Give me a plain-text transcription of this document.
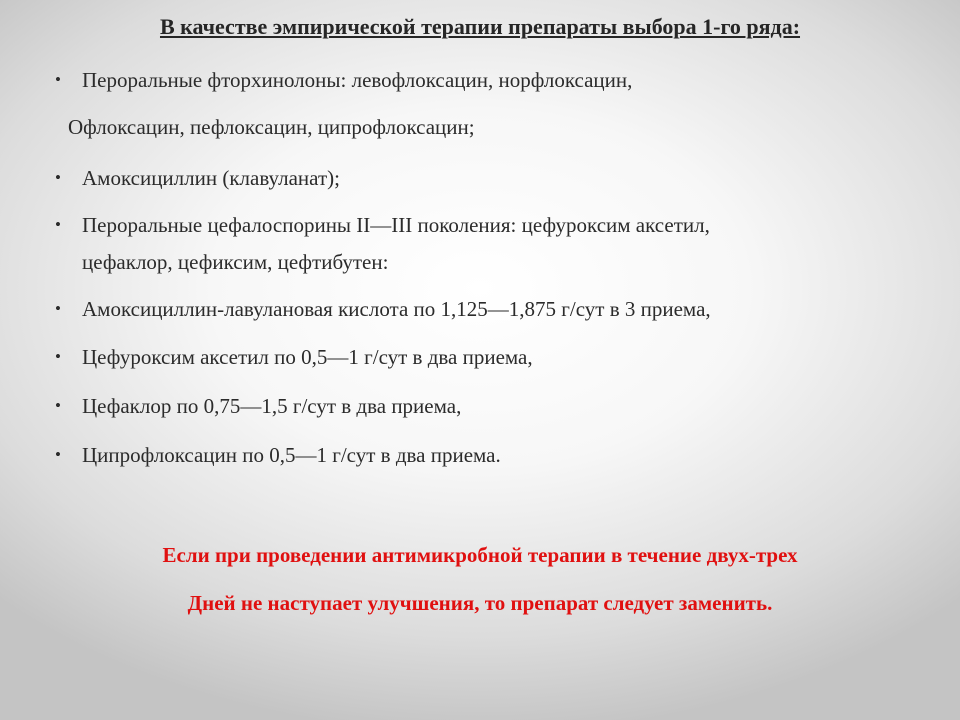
В качестве эмпирической терапии препараты выбора 1-го ряда:
• Пероральные фторхинолоны: левофлоксацин, норфлоксацин,
Офлоксацин, пефлоксацин, ципрофлоксацин;
• Амоксициллин (клавуланат);
• Пероральные цефалоспорины II—III поколения: цефуроксим аксетил,
цефаклор, цефиксим, цефтибутен:
• Амоксициллин-лавулановая кислота по 1,125—1,875 г/сут в 3 приема,
• Цефуроксим аксетил по 0,5—1 г/сут в два приема,
• Цефаклор по 0,75—1,5 г/сут в два приема,
• Ципрофлоксацин по 0,5—1 г/сут в два приема.
Если при проведении антимикробной терапии в течение двух-трех
Дней не наступает улучшения, то препарат следует заменить.
